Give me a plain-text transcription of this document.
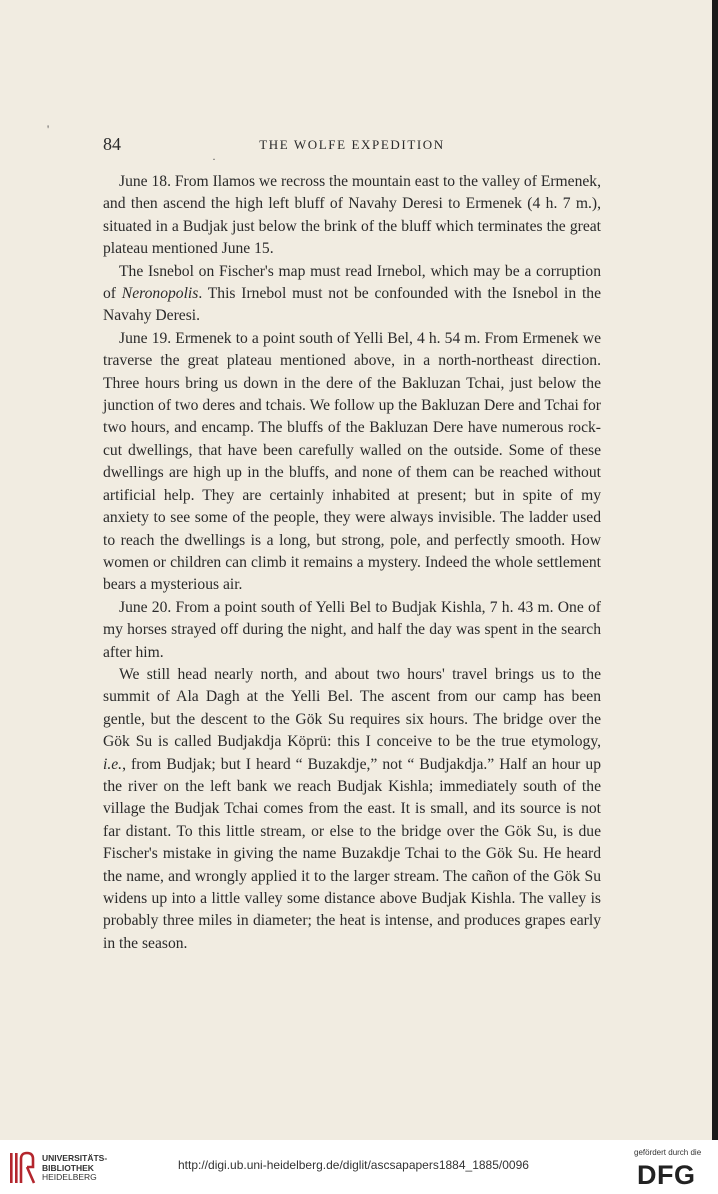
'
·
84	THE WOLFE EXPEDITION

June 18. From Ilamos we recross the mountain east to the valley of Ermenek, and then ascend the high left bluff of Navahy Deresi to Ermenek (4 h. 7 m.), situated in a Budjak just below the brink of the bluff which terminates the great plateau mentioned June 15.

The Isnebol on Fischer's map must read Irnebol, which may be a corruption of Neronopolis. This Irnebol must not be confounded with the Isnebol in the Navahy Deresi.

June 19. Ermenek to a point south of Yelli Bel, 4 h. 54 m. From Ermenek we traverse the great plateau mentioned above, in a north-northeast direction. Three hours bring us down in the dere of the Bakluzan Tchai, just below the junction of two deres and tchais. We follow up the Bakluzan Dere and Tchai for two hours, and encamp. The bluffs of the Bakluzan Dere have numerous rock-cut dwellings, that have been carefully walled on the outside. Some of these dwellings are high up in the bluffs, and none of them can be reached without artificial help. They are certainly inhabited at present; but in spite of my anxiety to see some of the people, they were always invisible. The ladder used to reach the dwellings is a long, but strong, pole, and perfectly smooth. How women or children can climb it remains a mystery. Indeed the whole settlement bears a mysterious air.

June 20. From a point south of Yelli Bel to Budjak Kishla, 7 h. 43 m. One of my horses strayed off during the night, and half the day was spent in the search after him.

We still head nearly north, and about two hours' travel brings us to the summit of Ala Dagh at the Yelli Bel. The ascent from our camp has been gentle, but the descent to the Gök Su requires six hours. The bridge over the Gök Su is called Budjakdja Köprü: this I conceive to be the true etymology, i.e., from Budjak; but I heard “ Buzakdje,” not “ Budjakdja.” Half an hour up the river on the left bank we reach Budjak Kishla; immediately south of the village the Budjak Tchai comes from the east. It is small, and its source is not far distant. To this little stream, or else to the bridge over the Gök Su, is due Fischer's mistake in giving the name Buzakdje Tchai to the Gök Su. He heard the name, and wrongly applied it to the larger stream. The cañon of the Gök Su widens up into a little valley some distance above Budjak Kishla. The valley is probably three miles in diameter; the heat is intense, and produces grapes early in the season.

UNIVERSITÄTS-
BIBLIOTHEK
HEIDELBERG
http://digi.ub.uni-heidelberg.de/diglit/ascsapapers1884_1885/0096
gefördert durch die
DFG
